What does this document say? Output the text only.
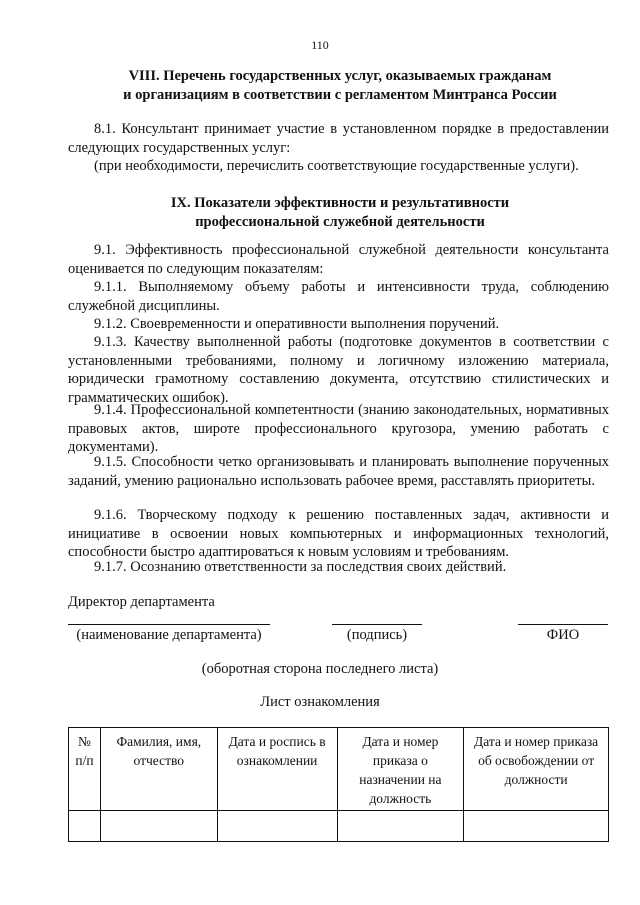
110
VIII. Перечень государственных услуг, оказываемых гражданам
и организациям в соответствии с регламентом Минтранса России
8.1. Консультант принимает участие в установленном порядке в предоставлении следующих государственных услуг:
(при необходимости, перечислить соответствующие государственные услуги).
IX. Показатели эффективности и результативности
профессиональной служебной деятельности
9.1. Эффективность профессиональной служебной деятельности консультанта оценивается по следующим показателям:
9.1.1. Выполняемому объему работы и интенсивности труда, соблюдению служебной дисциплины.
9.1.2. Своевременности и оперативности выполнения поручений.
9.1.3. Качеству выполненной работы (подготовке документов в соответствии с установленными требованиями, полному и логичному изложению материала, юридически грамотному составлению документа, отсутствию стилистических и грамматических ошибок).
9.1.4. Профессиональной компетентности (знанию законодательных, нормативных правовых актов, широте профессионального кругозора, умению работать с документами).
9.1.5. Способности четко организовывать и планировать выполнение порученных заданий, умению рационально использовать рабочее время, расставлять приоритеты.
9.1.6. Творческому подходу к решению поставленных задач, активности и инициативе в освоении новых компьютерных и информационных технологий, способности быстро адаптироваться к новым условиям и требованиям.
9.1.7. Осознанию ответственности за последствия своих действий.
Директор департамента
(наименование департамента)	(подпись)	ФИО
(оборотная сторона последнего листа)
Лист ознакомления
№ п/п	Фамилия, имя, отчество	Дата и роспись в ознакомлении	Дата и номер приказа о назначении на должность	Дата и номер приказа об освобождении от должности
